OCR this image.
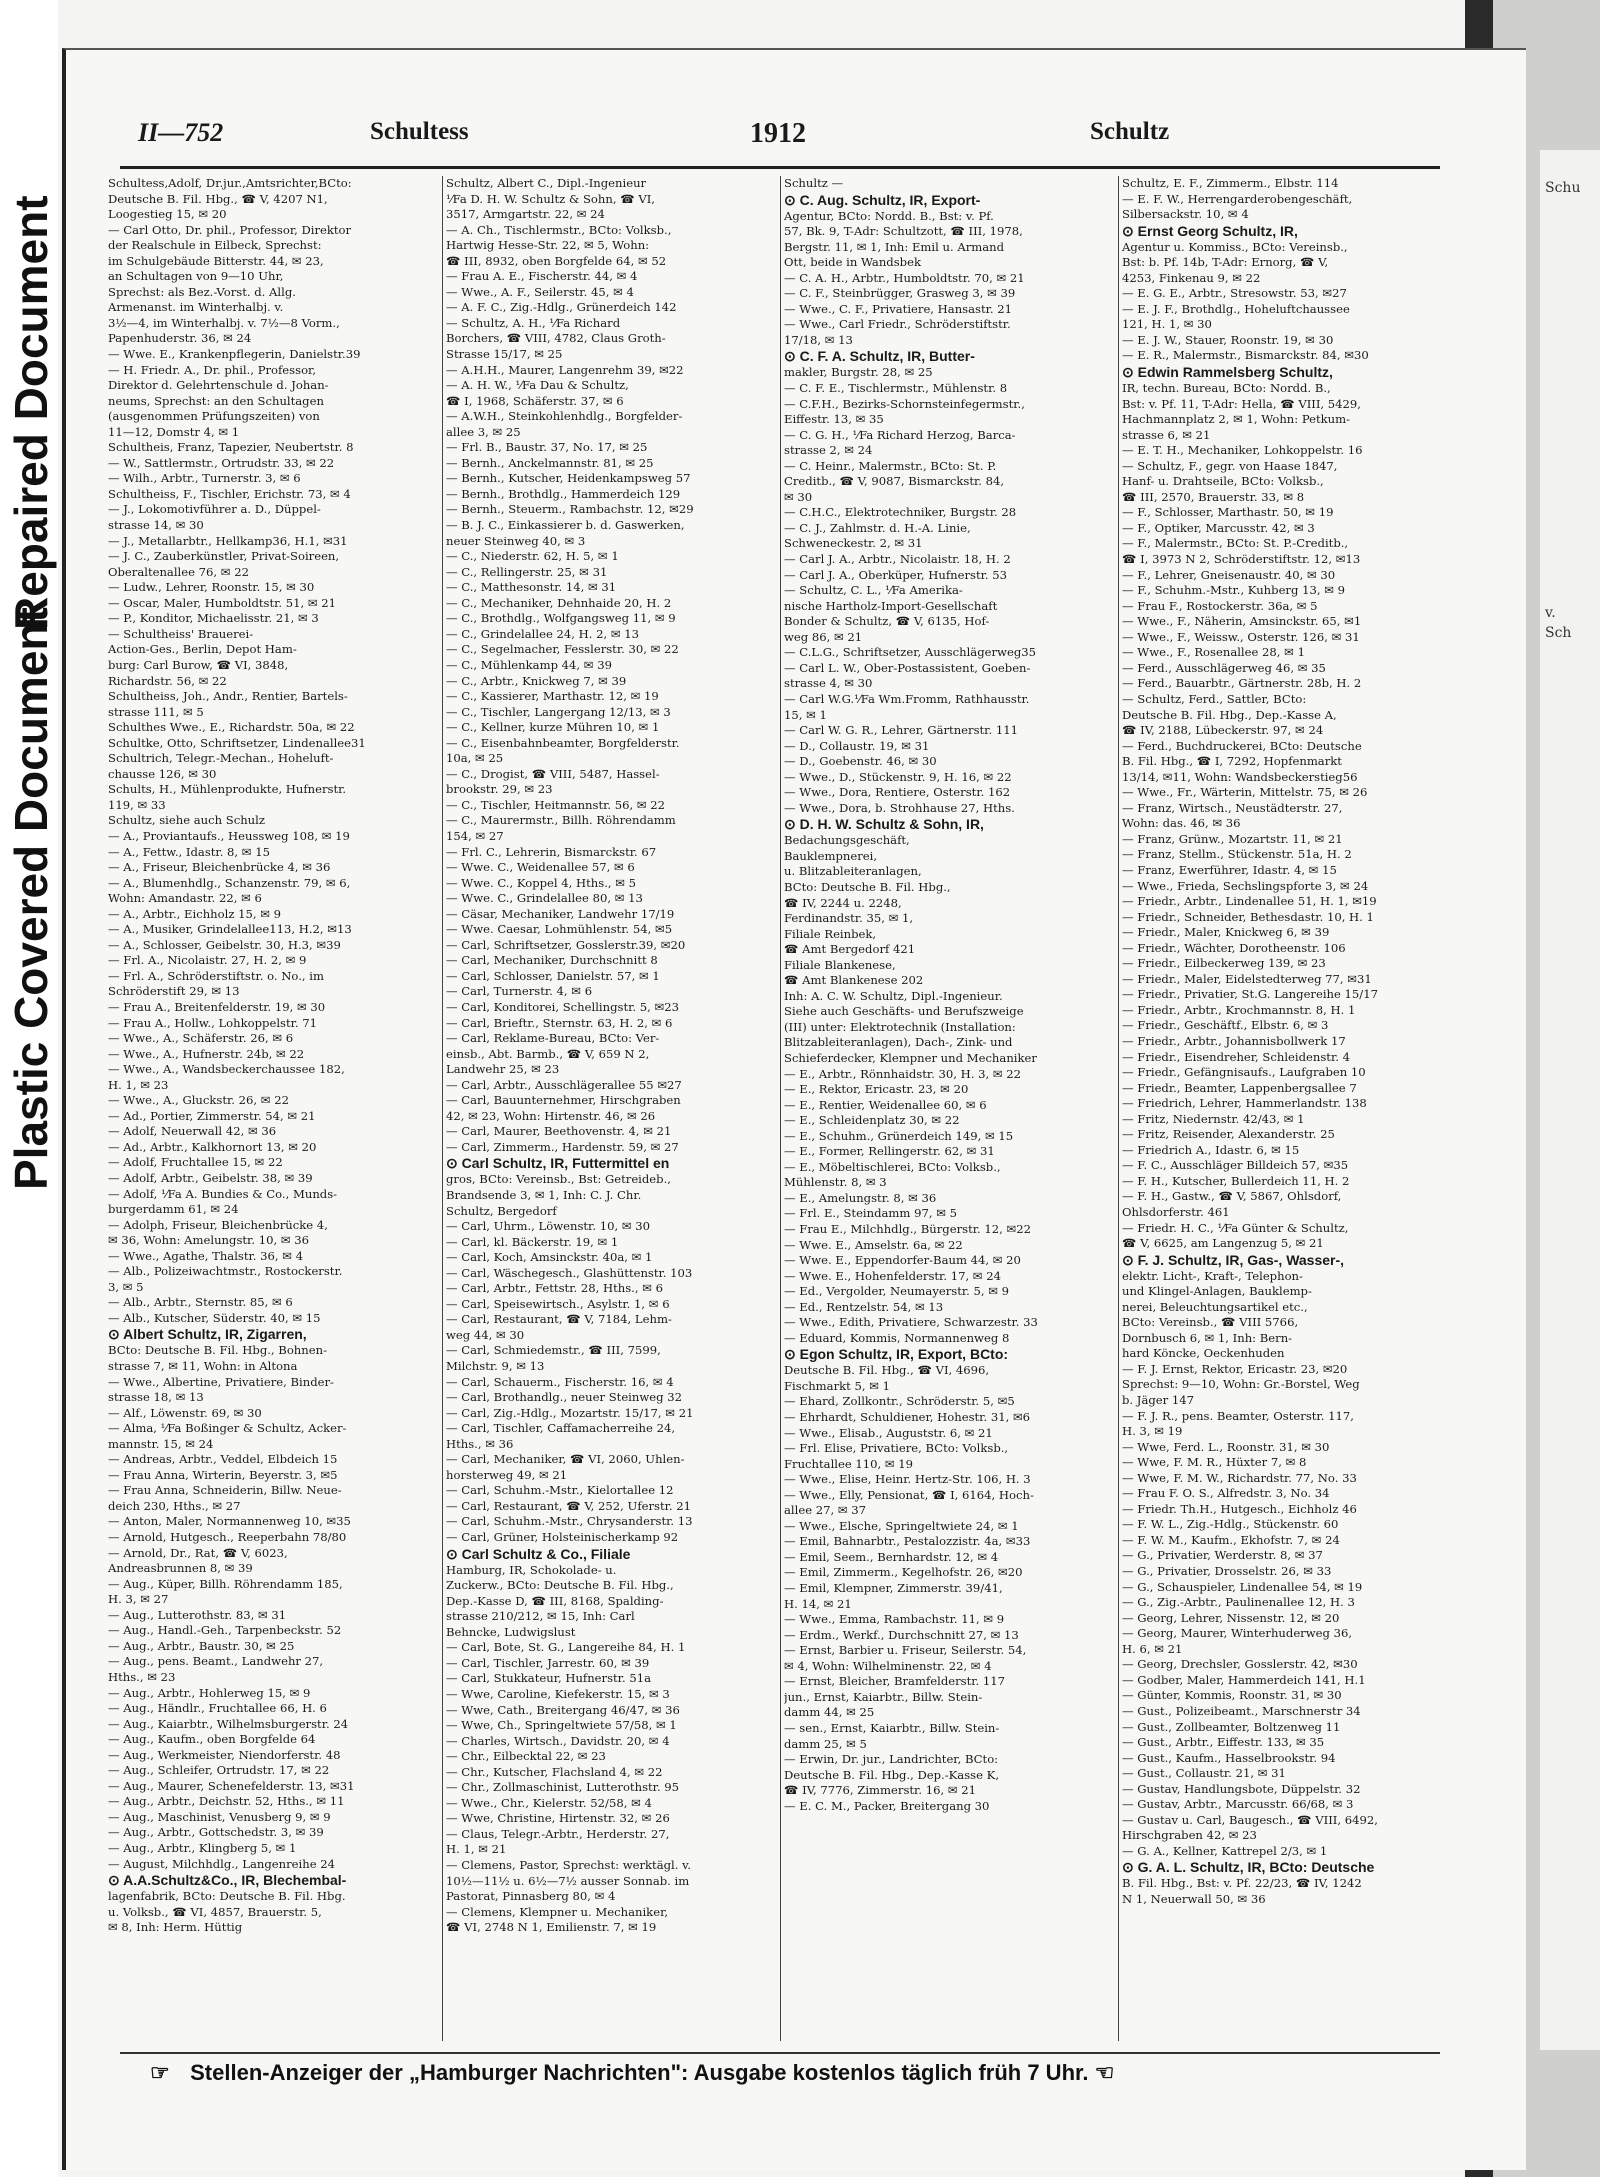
Plastic Covered Document
Repaired Document
Schu
v.
Sch
II—752	Schultess	1912	Schultz
Schultess,Adolf, Dr.jur.,Amtsrichter,BCto:
Deutsche B. Fil. Hbg., ☎ V, 4207 N1,
Loogestieg 15, ✉ 20
— Carl Otto, Dr. phil., Professor, Direktor
der Realschule in Eilbeck, Sprechst:
im Schulgebäude Bitterstr. 44, ✉ 23,
an Schultagen von 9—10 Uhr,
Sprechst: als Bez.-Vorst. d. Allg.
Armenanst. im Winterhalbj. v.
3½—4, im Winterhalbj. v. 7½—8 Vorm.,
Papenhuderstr. 36, ✉ 24
— Wwe. E., Krankenpflegerin, Danielstr.39
— H. Friedr. A., Dr. phil., Professor,
Direktor d. Gelehrtenschule d. Johan-
neums, Sprechst: an den Schultagen
(ausgenommen Prüfungszeiten) von
11—12, Domstr 4, ✉ 1
Schultheis, Franz, Tapezier, Neubertstr. 8
— W., Sattlermstr., Ortrudstr. 33, ✉ 22
— Wilh., Arbtr., Turnerstr. 3, ✉ 6
Schultheiss, F., Tischler, Erichstr. 73, ✉ 4
— J., Lokomotivführer a. D., Düppel-
strasse 14, ✉ 30
— J., Metallarbtr., Hellkamp36, H.1, ✉31
— J. C., Zauberkünstler, Privat-Soireen,
Oberaltenallee 76, ✉ 22
— Ludw., Lehrer, Roonstr. 15, ✉ 30
— Oscar, Maler, Humboldtstr. 51, ✉ 21
— P., Konditor, Michaelisstr. 21, ✉ 3
— Schultheiss' Brauerei-
Action-Ges., Berlin, Depot Ham-
burg: Carl Burow, ☎ VI, 3848,
Richardstr. 56, ✉ 22
Schultheiss, Joh., Andr., Rentier, Bartels-
strasse 111, ✉ 5
Schulthes Wwe., E., Richardstr. 50a, ✉ 22
Schultke, Otto, Schriftsetzer, Lindenallee31
Schultrich, Telegr.-Mechan., Hoheluft-
chausse 126, ✉ 30
Schults, H., Mühlenprodukte, Hufnerstr.
119, ✉ 33
Schultz, siehe auch Schulz
— A., Proviantaufs., Heussweg 108, ✉ 19
— A., Fettw., Idastr. 8, ✉ 15
— A., Friseur, Bleichenbrücke 4, ✉ 36
— A., Blumenhdlg., Schanzenstr. 79, ✉ 6,
Wohn: Amandastr. 22, ✉ 6
— A., Arbtr., Eichholz 15, ✉ 9
— A., Musiker, Grindelallee113, H.2, ✉13
— A., Schlosser, Geibelstr. 30, H.3, ✉39
— Frl. A., Nicolaistr. 27, H. 2, ✉ 9
— Frl. A., Schröderstiftstr. o. No., im
Schröderstift 29, ✉ 13
— Frau A., Breitenfelderstr. 19, ✉ 30
— Frau A., Hollw., Lohkoppelstr. 71
— Wwe., A., Schäferstr. 26, ✉ 6
— Wwe., A., Hufnerstr. 24b, ✉ 22
— Wwe., A., Wandsbeckerchaussee 182,
H. 1, ✉ 23
— Wwe., A., Gluckstr. 26, ✉ 22
— Ad., Portier, Zimmerstr. 54, ✉ 21
— Adolf, Neuerwall 42, ✉ 36
— Ad., Arbtr., Kalkhornort 13, ✉ 20
— Adolf, Fruchtallee 15, ✉ 22
— Adolf, Arbtr., Geibelstr. 38, ✉ 39
— Adolf, ⅟Fa A. Bundies & Co., Munds-
burgerdamm 61, ✉ 24
— Adolph, Friseur, Bleichenbrücke 4,
✉ 36, Wohn: Amelungstr. 10, ✉ 36
— Wwe., Agathe, Thalstr. 36, ✉ 4
— Alb., Polizeiwachtmstr., Rostockerstr.
3, ✉ 5
— Alb., Arbtr., Sternstr. 85, ✉ 6
— Alb., Kutscher, Süderstr. 40, ✉ 15
⊙ Albert Schultz, IR, Zigarren,
BCto: Deutsche B. Fil. Hbg., Bohnen-
strasse 7, ✉ 11, Wohn: in Altona
— Wwe., Albertine, Privatiere, Binder-
strasse 18, ✉ 13
— Alf., Löwenstr. 69, ✉ 30
— Alma, ⅟Fa Boßinger & Schultz, Acker-
mannstr. 15, ✉ 24
— Andreas, Arbtr., Veddel, Elbdeich 15
— Frau Anna, Wirterin, Beyerstr. 3, ✉5
— Frau Anna, Schneiderin, Billw. Neue-
deich 230, Hths., ✉ 27
— Anton, Maler, Normannenweg 10, ✉35
— Arnold, Hutgesch., Reeperbahn 78/80
— Arnold, Dr., Rat, ☎ V, 6023,
Andreasbrunnen 8, ✉ 39
— Aug., Küper, Billh. Röhrendamm 185,
H. 3, ✉ 27
— Aug., Lutterothstr. 83, ✉ 31
— Aug., Handl.-Geh., Tarpenbeckstr. 52
— Aug., Arbtr., Baustr. 30, ✉ 25
— Aug., pens. Beamt., Landwehr 27,
Hths., ✉ 23
— Aug., Arbtr., Hohlerweg 15, ✉ 9
— Aug., Händlr., Fruchtallee 66, H. 6
— Aug., Kaiarbtr., Wilhelmsburgerstr. 24
— Aug., Kaufm., oben Borgfelde 64
— Aug., Werkmeister, Niendorferstr. 48
— Aug., Schleifer, Ortrudstr. 17, ✉ 22
— Aug., Maurer, Schenefelderstr. 13, ✉31
— Aug., Arbtr., Deichstr. 52, Hths., ✉ 11
— Aug., Maschinist, Venusberg 9, ✉ 9
— Aug., Arbtr., Gottschedstr. 3, ✉ 39
— Aug., Arbtr., Klingberg 5, ✉ 1
— August, Milchhdlg., Langenreihe 24
⊙ A.A.Schultz&Co., IR, Blechembal-
lagenfabrik, BCto: Deutsche B. Fil. Hbg.
u. Volksb., ☎ VI, 4857, Brauerstr. 5,
✉ 8, Inh: Herm. Hüttig
Schultz, Albert C., Dipl.-Ingenieur
⅟Fa D. H. W. Schultz & Sohn, ☎ VI,
3517, Armgartstr. 22, ✉ 24
— A. Ch., Tischlermstr., BCto: Volksb.,
Hartwig Hesse-Str. 22, ✉ 5, Wohn:
☎ III, 8932, oben Borgfelde 64, ✉ 52
— Frau A. E., Fischerstr. 44, ✉ 4
— Wwe., A. F., Seilerstr. 45, ✉ 4
— A. F. C., Zig.-Hdlg., Grünerdeich 142
— Schultz, A. H., ⅟Fa Richard
Borchers, ☎ VIII, 4782, Claus Groth-
Strasse 15/17, ✉ 25
— A.H.H., Maurer, Langenrehm 39, ✉22
— A. H. W., ⅟Fa Dau & Schultz,
☎ I, 1968, Schäferstr. 37, ✉ 6
— A.W.H., Steinkohlenhdlg., Borgfelder-
allee 3, ✉ 25
— Frl. B., Baustr. 37, No. 17, ✉ 25
— Bernh., Anckelmannstr. 81, ✉ 25
— Bernh., Kutscher, Heidenkampsweg 57
— Bernh., Brothdlg., Hammerdeich 129
— Bernh., Steuerm., Rambachstr. 12, ✉29
— B. J. C., Einkassierer b. d. Gaswerken,
neuer Steinweg 40, ✉ 3
— C., Niederstr. 62, H. 5, ✉ 1
— C., Rellingerstr. 25, ✉ 31
— C., Matthesonstr. 14, ✉ 31
— C., Mechaniker, Dehnhaide 20, H. 2
— C., Brothdlg., Wolfgangsweg 11, ✉ 9
— C., Grindelallee 24, H. 2, ✉ 13
— C., Segelmacher, Fesslerstr. 30, ✉ 22
— C., Mühlenkamp 44, ✉ 39
— C., Arbtr., Knickweg 7, ✉ 39
— C., Kassierer, Marthastr. 12, ✉ 19
— C., Tischler, Langergang 12/13, ✉ 3
— C., Kellner, kurze Mühren 10, ✉ 1
— C., Eisenbahnbeamter, Borgfelderstr.
10a, ✉ 25
— C., Drogist, ☎ VIII, 5487, Hassel-
brookstr. 29, ✉ 23
— C., Tischler, Heitmannstr. 56, ✉ 22
— C., Maurermstr., Billh. Röhrendamm
154, ✉ 27
— Frl. C., Lehrerin, Bismarckstr. 67
— Wwe. C., Weidenallee 57, ✉ 6
— Wwe. C., Koppel 4, Hths., ✉ 5
— Wwe. C., Grindelallee 80, ✉ 13
— Cäsar, Mechaniker, Landwehr 17/19
— Wwe. Caesar, Lohmühlenstr. 54, ✉5
— Carl, Schriftsetzer, Gosslerstr.39, ✉20
— Carl, Mechaniker, Durchschnitt 8
— Carl, Schlosser, Danielstr. 57, ✉ 1
— Carl, Turnerstr. 4, ✉ 6
— Carl, Konditorei, Schellingstr. 5, ✉23
— Carl, Brieftr., Sternstr. 63, H. 2, ✉ 6
— Carl, Reklame-Bureau, BCto: Ver-
einsb., Abt. Barmb., ☎ V, 659 N 2,
Landwehr 25, ✉ 23
— Carl, Arbtr., Ausschlägerallee 55 ✉27
— Carl, Bauunternehmer, Hirschgraben
42, ✉ 23, Wohn: Hirtenstr. 46, ✉ 26
— Carl, Maurer, Beethovenstr. 4, ✉ 21
— Carl, Zimmerm., Hardenstr. 59, ✉ 27
⊙ Carl Schultz, IR, Futtermittel en
gros, BCto: Vereinsb., Bst: Getreideb.,
Brandsende 3, ✉ 1, Inh: C. J. Chr.
Schultz, Bergedorf
— Carl, Uhrm., Löwenstr. 10, ✉ 30
— Carl, kl. Bäckerstr. 19, ✉ 1
— Carl, Koch, Amsinckstr. 40a, ✉ 1
— Carl, Wäschegesch., Glashüttenstr. 103
— Carl, Arbtr., Fettstr. 28, Hths., ✉ 6
— Carl, Speisewirtsch., Asylstr. 1, ✉ 6
— Carl, Restaurant, ☎ V, 7184, Lehm-
weg 44, ✉ 30
— Carl, Schmiedemstr., ☎ III, 7599,
Milchstr. 9, ✉ 13
— Carl, Schauerm., Fischerstr. 16, ✉ 4
— Carl, Brothandlg., neuer Steinweg 32
— Carl, Zig.-Hdlg., Mozartstr. 15/17, ✉ 21
— Carl, Tischler, Caffamacherreihe 24,
Hths., ✉ 36
— Carl, Mechaniker, ☎ VI, 2060, Uhlen-
horsterweg 49, ✉ 21
— Carl, Schuhm.-Mstr., Kielortallee 12
— Carl, Restaurant, ☎ V, 252, Uferstr. 21
— Carl, Schuhm.-Mstr., Chrysanderstr. 13
— Carl, Grüner, Holsteinischerkamp 92
⊙ Carl Schultz & Co., Filiale
Hamburg, IR, Schokolade- u.
Zuckerw., BCto: Deutsche B. Fil. Hbg.,
Dep.-Kasse D, ☎ III, 8168, Spalding-
strasse 210/212, ✉ 15, Inh: Carl
Behncke, Ludwigslust
— Carl, Bote, St. G., Langereihe 84, H. 1
— Carl, Tischler, Jarrestr. 60, ✉ 39
— Carl, Stukkateur, Hufnerstr. 51a
— Wwe, Caroline, Kiefekerstr. 15, ✉ 3
— Wwe, Cath., Breitergang 46/47, ✉ 36
— Wwe, Ch., Springeltwiete 57/58, ✉ 1
— Charles, Wirtsch., Davidstr. 20, ✉ 4
— Chr., Eilbecktal 22, ✉ 23
— Chr., Kutscher, Flachsland 4, ✉ 22
— Chr., Zollmaschinist, Lutterothstr. 95
— Wwe., Chr., Kielerstr. 52/58, ✉ 4
— Wwe, Christine, Hirtenstr. 32, ✉ 26
— Claus, Telegr.-Arbtr., Herderstr. 27,
H. 1, ✉ 21
— Clemens, Pastor, Sprechst: werktägl. v.
10½—11½ u. 6½—7½ ausser Sonnab. im
Pastorat, Pinnasberg 80, ✉ 4
— Clemens, Klempner u. Mechaniker,
☎ VI, 2748 N 1, Emilienstr. 7, ✉ 19
Schultz —
⊙ C. Aug. Schultz, IR, Export-
Agentur, BCto: Nordd. B., Bst: v. Pf.
57, Bk. 9, T-Adr: Schultzott, ☎ III, 1978,
Bergstr. 11, ✉ 1, Inh: Emil u. Armand
Ott, beide in Wandsbek
— C. A. H., Arbtr., Humboldtstr. 70, ✉ 21
— C. F., Steinbrügger, Grasweg 3, ✉ 39
— Wwe., C. F., Privatiere, Hansastr. 21
— Wwe., Carl Friedr., Schröderstiftstr.
17/18, ✉ 13
⊙ C. F. A. Schultz, IR, Butter-
makler, Burgstr. 28, ✉ 25
— C. F. E., Tischlermstr., Mühlenstr. 8
— C.F.H., Bezirks-Schornsteinfegermstr.,
Eiffestr. 13, ✉ 35
— C. G. H., ⅟Fa Richard Herzog, Barca-
strasse 2, ✉ 24
— C. Heinr., Malermstr., BCto: St. P.
Creditb., ☎ V, 9087, Bismarckstr. 84,
✉ 30
— C.H.C., Elektrotechniker, Burgstr. 28
— C. J., Zahlmstr. d. H.-A. Linie,
Schweneckestr. 2, ✉ 31
— Carl J. A., Arbtr., Nicolaistr. 18, H. 2
— Carl J. A., Oberküper, Hufnerstr. 53
— Schultz, C. L., ⅟Fa Amerika-
nische Hartholz-Import-Gesellschaft
Bonder & Schultz, ☎ V, 6135, Hof-
weg 86, ✉ 21
— C.L.G., Schriftsetzer, Ausschlägerweg35
— Carl L. W., Ober-Postassistent, Goeben-
strasse 4, ✉ 30
— Carl W.G.⅟Fa Wm.Fromm, Rathhausstr.
15, ✉ 1
— Carl W. G. R., Lehrer, Gärtnerstr. 111
— D., Collaustr. 19, ✉ 31
— D., Goebenstr. 46, ✉ 30
— Wwe., D., Stückenstr. 9, H. 16, ✉ 22
— Wwe., Dora, Rentiere, Osterstr. 162
— Wwe., Dora, b. Strohhause 27, Hths.
⊙ D. H. W. Schultz & Sohn, IR,
Bedachungsgeschäft,
Bauklempnerei,
u. Blitzableiteranlagen,
BCto: Deutsche B. Fil. Hbg.,
☎ IV, 2244 u. 2248,
Ferdinandstr. 35, ✉ 1,
Filiale Reinbek,
☎ Amt Bergedorf 421
Filiale Blankenese,
☎ Amt Blankenese 202
Inh: A. C. W. Schultz, Dipl.-Ingenieur.
Siehe auch Geschäfts- und Berufszweige
(III) unter: Elektrotechnik (Installation:
Blitzableiteranlagen), Dach-, Zink- und
Schieferdecker, Klempner und Mechaniker
— E., Arbtr., Rönnhaidstr. 30, H. 3, ✉ 22
— E., Rektor, Ericastr. 23, ✉ 20
— E., Rentier, Weidenallee 60, ✉ 6
— E., Schleidenplatz 30, ✉ 22
— E., Schuhm., Grünerdeich 149, ✉ 15
— E., Former, Rellingerstr. 62, ✉ 31
— E., Möbeltischlerei, BCto: Volksb.,
Mühlenstr. 8, ✉ 3
— E., Amelungstr. 8, ✉ 36
— Frl. E., Steindamm 97, ✉ 5
— Frau E., Milchhdlg., Bürgerstr. 12, ✉22
— Wwe. E., Amselstr. 6a, ✉ 22
— Wwe. E., Eppendorfer-Baum 44, ✉ 20
— Wwe. E., Hohenfelderstr. 17, ✉ 24
— Ed., Vergolder, Neumayerstr. 5, ✉ 9
— Ed., Rentzelstr. 54, ✉ 13
— Wwe., Edith, Privatiere, Schwarzestr. 33
— Eduard, Kommis, Normannenweg 8
⊙ Egon Schultz, IR, Export, BCto:
Deutsche B. Fil. Hbg., ☎ VI, 4696,
Fischmarkt 5, ✉ 1
— Ehard, Zollkontr., Schröderstr. 5, ✉5
— Ehrhardt, Schuldiener, Hohestr. 31, ✉6
— Wwe., Elisab., Auguststr. 6, ✉ 21
— Frl. Elise, Privatiere, BCto: Volksb.,
Fruchtallee 110, ✉ 19
— Wwe., Elise, Heinr. Hertz-Str. 106, H. 3
— Wwe., Elly, Pensionat, ☎ I, 6164, Hoch-
allee 27, ✉ 37
— Wwe., Elsche, Springeltwiete 24, ✉ 1
— Emil, Bahnarbtr., Pestalozzistr. 4a, ✉33
— Emil, Seem., Bernhardstr. 12, ✉ 4
— Emil, Zimmerm., Kegelhofstr. 26, ✉20
— Emil, Klempner, Zimmerstr. 39/41,
H. 14, ✉ 21
— Wwe., Emma, Rambachstr. 11, ✉ 9
— Erdm., Werkf., Durchschnitt 27, ✉ 13
— Ernst, Barbier u. Friseur, Seilerstr. 54,
✉ 4, Wohn: Wilhelminenstr. 22, ✉ 4
— Ernst, Bleicher, Bramfelderstr. 117
jun., Ernst, Kaiarbtr., Billw. Stein-
damm 44, ✉ 25
— sen., Ernst, Kaiarbtr., Billw. Stein-
damm 25, ✉ 5
— Erwin, Dr. jur., Landrichter, BCto:
Deutsche B. Fil. Hbg., Dep.-Kasse K,
☎ IV, 7776, Zimmerstr. 16, ✉ 21
— E. C. M., Packer, Breitergang 30
Schultz, E. F., Zimmerm., Elbstr. 114
— E. F. W., Herrengarderobengeschäft,
Silbersackstr. 10, ✉ 4
⊙ Ernst Georg Schultz, IR,
Agentur u. Kommiss., BCto: Vereinsb.,
Bst: b. Pf. 14b, T-Adr: Ernorg, ☎ V,
4253, Finkenau 9, ✉ 22
— E. G. E., Arbtr., Stresowstr. 53, ✉27
— E. J. F., Brothdlg., Hoheluftchaussee
121, H. 1, ✉ 30
— E. J. W., Stauer, Roonstr. 19, ✉ 30
— E. R., Malermstr., Bismarckstr. 84, ✉30
⊙ Edwin Rammelsberg Schultz,
IR, techn. Bureau, BCto: Nordd. B.,
Bst: v. Pf. 11, T-Adr: Hella, ☎ VIII, 5429,
Hachmannplatz 2, ✉ 1, Wohn: Petkum-
strasse 6, ✉ 21
— E. T. H., Mechaniker, Lohkoppelstr. 16
— Schultz, F., gegr. von Haase 1847,
Hanf- u. Drahtseile, BCto: Volksb.,
☎ III, 2570, Brauerstr. 33, ✉ 8
— F., Schlosser, Marthastr. 50, ✉ 19
— F., Optiker, Marcusstr. 42, ✉ 3
— F., Malermstr., BCto: St. P.-Creditb.,
☎ I, 3973 N 2, Schröderstiftstr. 12, ✉13
— F., Lehrer, Gneisenaustr. 40, ✉ 30
— F., Schuhm.-Mstr., Kuhberg 13, ✉ 9
— Frau F., Rostockerstr. 36a, ✉ 5
— Wwe., F., Näherin, Amsinckstr. 65, ✉1
— Wwe., F., Weissw., Osterstr. 126, ✉ 31
— Wwe., F., Rosenallee 28, ✉ 1
— Ferd., Ausschlägerweg 46, ✉ 35
— Ferd., Bauarbtr., Gärtnerstr. 28b, H. 2
— Schultz, Ferd., Sattler, BCto:
Deutsche B. Fil. Hbg., Dep.-Kasse A,
☎ IV, 2188, Lübeckerstr. 97, ✉ 24
— Ferd., Buchdruckerei, BCto: Deutsche
B. Fil. Hbg., ☎ I, 7292, Hopfenmarkt
13/14, ✉11, Wohn: Wandsbeckerstieg56
— Wwe., Fr., Wärterin, Mittelstr. 75, ✉ 26
— Franz, Wirtsch., Neustädterstr. 27,
Wohn: das. 46, ✉ 36
— Franz, Grünw., Mozartstr. 11, ✉ 21
— Franz, Stellm., Stückenstr. 51a, H. 2
— Franz, Ewerführer, Idastr. 4, ✉ 15
— Wwe., Frieda, Sechslingspforte 3, ✉ 24
— Friedr., Arbtr., Lindenallee 51, H. 1, ✉19
— Friedr., Schneider, Bethesdastr. 10, H. 1
— Friedr., Maler, Knickweg 6, ✉ 39
— Friedr., Wächter, Dorotheenstr. 106
— Friedr., Eilbeckerweg 139, ✉ 23
— Friedr., Maler, Eidelstedterweg 77, ✉31
— Friedr., Privatier, St.G. Langereihe 15/17
— Friedr., Arbtr., Krochmannstr. 8, H. 1
— Friedr., Geschäftf., Elbstr. 6, ✉ 3
— Friedr., Arbtr., Johannisbollwerk 17
— Friedr., Eisendreher, Schleidenstr. 4
— Friedr., Gefängnisaufs., Laufgraben 10
— Friedr., Beamter, Lappenbergsallee 7
— Friedrich, Lehrer, Hammerlandstr. 138
— Fritz, Niedernstr. 42/43, ✉ 1
— Fritz, Reisender, Alexanderstr. 25
— Friedrich A., Idastr. 6, ✉ 15
— F. C., Ausschläger Billdeich 57, ✉35
— F. H., Kutscher, Bullerdeich 11, H. 2
— F. H., Gastw., ☎ V, 5867, Ohlsdorf,
Ohlsdorferstr. 461
— Friedr. H. C., ⅟Fa Günter & Schultz,
☎ V, 6625, am Langenzug 5, ✉ 21
⊙ F. J. Schultz, IR, Gas-, Wasser-,
elektr. Licht-, Kraft-, Telephon-
und Klingel-Anlagen, Bauklemp-
nerei, Beleuchtungsartikel etc.,
BCto: Vereinsb., ☎ VIII 5766,
Dornbusch 6, ✉ 1, Inh: Bern-
hard Köncke, Oeckenhuden
— F. J. Ernst, Rektor, Ericastr. 23, ✉20
Sprechst: 9—10, Wohn: Gr.-Borstel, Weg
b. Jäger 147
— F. J. R., pens. Beamter, Osterstr. 117,
H. 3, ✉ 19
— Wwe, Ferd. L., Roonstr. 31, ✉ 30
— Wwe, F. M. R., Hüxter 7, ✉ 8
— Wwe, F. M. W., Richardstr. 77, No. 33
— Frau F. O. S., Alfredstr. 3, No. 34
— Friedr. Th.H., Hutgesch., Eichholz 46
— F. W. L., Zig.-Hdlg., Stückenstr. 60
— F. W. M., Kaufm., Ekhofstr. 7, ✉ 24
— G., Privatier, Werderstr. 8, ✉ 37
— G., Privatier, Drosselstr. 26, ✉ 33
— G., Schauspieler, Lindenallee 54, ✉ 19
— G., Zig.-Arbtr., Paulinenallee 12, H. 3
— Georg, Lehrer, Nissenstr. 12, ✉ 20
— Georg, Maurer, Winterhuderweg 36,
H. 6, ✉ 21
— Georg, Drechsler, Gosslerstr. 42, ✉30
— Godber, Maler, Hammerdeich 141, H.1
— Günter, Kommis, Roonstr. 31, ✉ 30
— Gust., Polizeibeamt., Marschnerstr 34
— Gust., Zollbeamter, Boltzenweg 11
— Gust., Arbtr., Eiffestr. 133, ✉ 35
— Gust., Kaufm., Hasselbrookstr. 94
— Gust., Collaustr. 21, ✉ 31
— Gustav, Handlungsbote, Düppelstr. 32
— Gustav, Arbtr., Marcusstr. 66/68, ✉ 3
— Gustav u. Carl, Baugesch., ☎ VIII, 6492,
Hirschgraben 42, ✉ 23
— G. A., Kellner, Kattrepel 2/3, ✉ 1
⊙ G. A. L. Schultz, IR, BCto: Deutsche
B. Fil. Hbg., Bst: v. Pf. 22/23, ☎ IV, 1242
N 1, Neuerwall 50, ✉ 36
☞ Stellen-Anzeiger der „Hamburger Nachrichten": Ausgabe kostenlos täglich früh 7 Uhr. ☜
